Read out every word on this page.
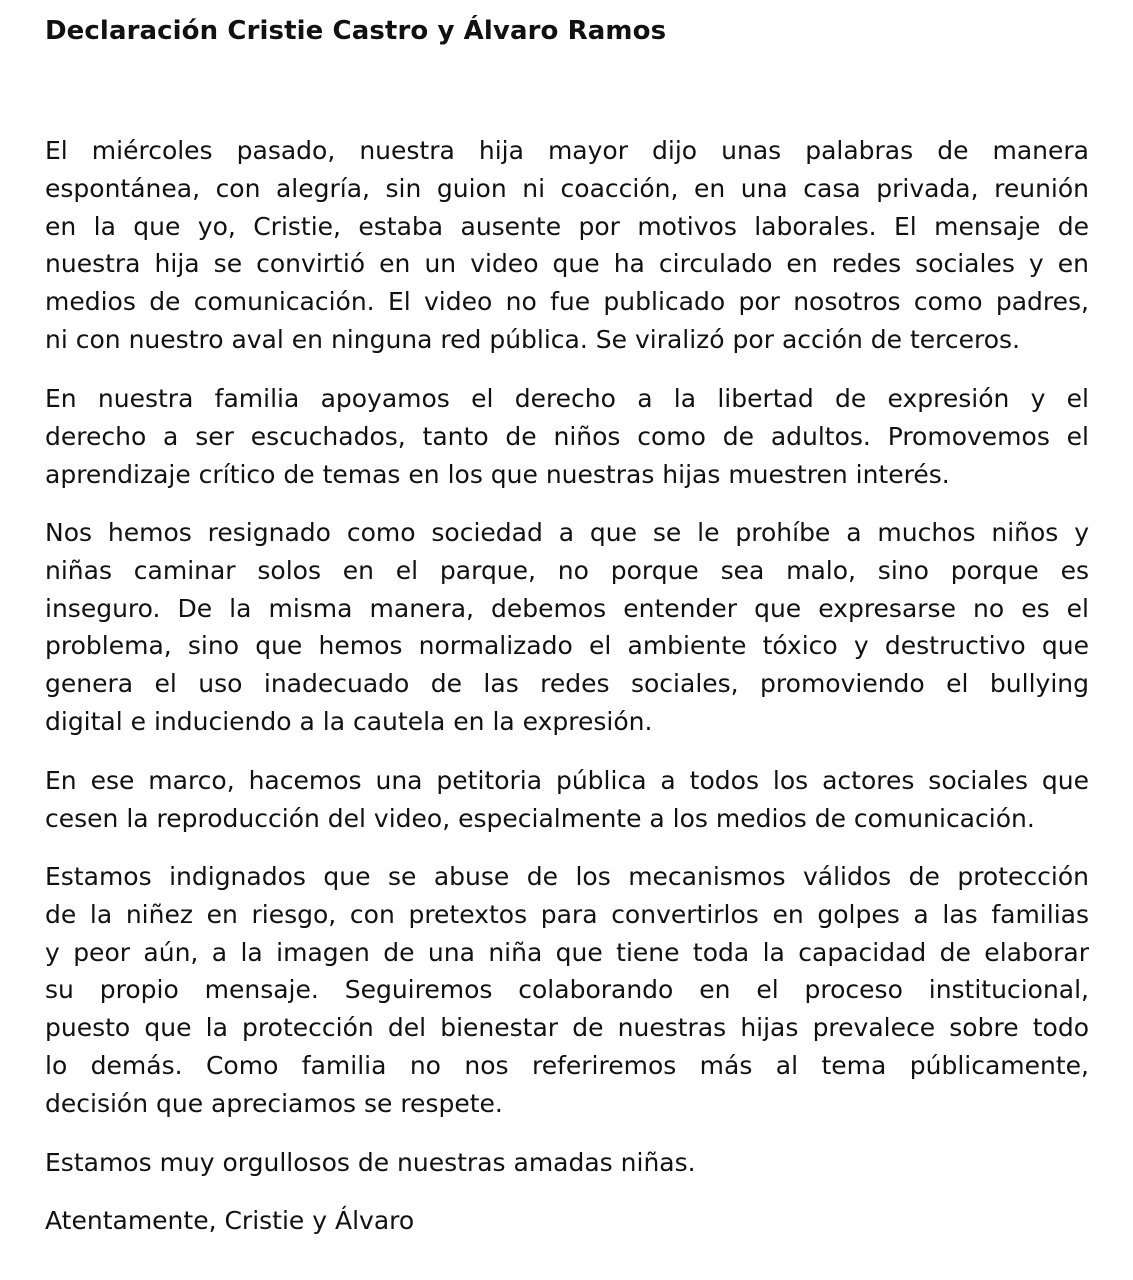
Declaración Cristie Castro y Álvaro Ramos
El miércoles pasado, nuestra hija mayor dijo unas palabras de manera
espontánea, con alegría, sin guion ni coacción, en una casa privada, reunión
en la que yo, Cristie, estaba ausente por motivos laborales. El mensaje de
nuestra hija se convirtió en un video que ha circulado en redes sociales y en
medios de comunicación. El video no fue publicado por nosotros como padres,
ni con nuestro aval en ninguna red pública. Se viralizó por acción de terceros.
En nuestra familia apoyamos el derecho a la libertad de expresión y el
derecho a ser escuchados, tanto de niños como de adultos. Promovemos el
aprendizaje crítico de temas en los que nuestras hijas muestren interés.
Nos hemos resignado como sociedad a que se le prohíbe a muchos niños y
niñas caminar solos en el parque, no porque sea malo, sino porque es
inseguro. De la misma manera, debemos entender que expresarse no es el
problema, sino que hemos normalizado el ambiente tóxico y destructivo que
genera el uso inadecuado de las redes sociales, promoviendo el bullying
digital e induciendo a la cautela en la expresión.
En ese marco, hacemos una petitoria pública a todos los actores sociales que
cesen la reproducción del video, especialmente a los medios de comunicación.
Estamos indignados que se abuse de los mecanismos válidos de protección
de la niñez en riesgo, con pretextos para convertirlos en golpes a las familias
y peor aún, a la imagen de una niña que tiene toda la capacidad de elaborar
su propio mensaje. Seguiremos colaborando en el proceso institucional,
puesto que la protección del bienestar de nuestras hijas prevalece sobre todo
lo demás. Como familia no nos referiremos más al tema públicamente,
decisión que apreciamos se respete.
Estamos muy orgullosos de nuestras amadas niñas.
Atentamente, Cristie y Álvaro
